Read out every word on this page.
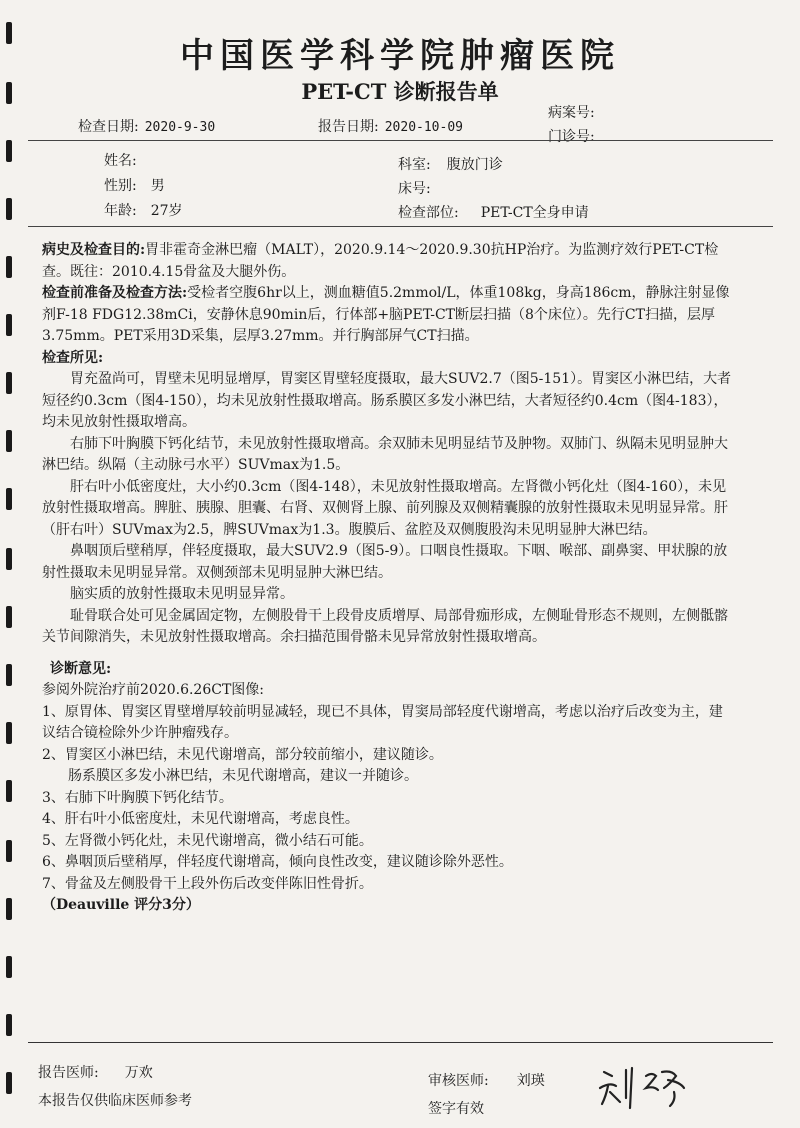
中国医学科学院肿瘤医院
PET-CT 诊断报告单
检查日期: 2020-9-30	报告日期: 2020-10-09
病案号:
门诊号:
姓名:
性别: 男
年龄: 27岁
科室: 腹放门诊
床号:
检查部位: PET-CT全身申请

病史及检查目的:胃非霍奇金淋巴瘤（MALT），2020.9.14～2020.9.30抗HP治疗。为监测疗效行PET-CT检查。既往：2010.4.15骨盆及大腿外伤。

检查前准备及检查方法:受检者空腹6hr以上，测血糖值5.2mmol/L，体重108kg，身高186cm，静脉注射显像剂F-18 FDG12.38mCi，安静休息90min后，行体部+脑PET-CT断层扫描（8个床位）。先行CT扫描，层厚3.75mm。PET采用3D采集，层厚3.27mm。并行胸部屏气CT扫描。

检查所见:

胃充盈尚可，胃壁未见明显增厚，胃窦区胃壁轻度摄取，最大SUV2.7（图5-151）。胃窦区小淋巴结，大者短径约0.3cm（图4-150），均未见放射性摄取增高。肠系膜区多发小淋巴结，大者短径约0.4cm（图4-183），均未见放射性摄取增高。

右肺下叶胸膜下钙化结节，未见放射性摄取增高。余双肺未见明显结节及肿物。双肺门、纵隔未见明显肿大淋巴结。纵隔（主动脉弓水平）SUVmax为1.5。

肝右叶小低密度灶，大小约0.3cm（图4-148），未见放射性摄取增高。左肾微小钙化灶（图4-160），未见放射性摄取增高。脾脏、胰腺、胆囊、右肾、双侧肾上腺、前列腺及双侧精囊腺的放射性摄取未见明显异常。肝（肝右叶）SUVmax为2.5，脾SUVmax为1.3。腹膜后、盆腔及双侧腹股沟未见明显肿大淋巴结。

鼻咽顶后壁稍厚，伴轻度摄取，最大SUV2.9（图5-9）。口咽良性摄取。下咽、喉部、副鼻窦、甲状腺的放射性摄取未见明显异常。双侧颈部未见明显肿大淋巴结。

脑实质的放射性摄取未见明显异常。

耻骨联合处可见金属固定物，左侧股骨干上段骨皮质增厚、局部骨痂形成，左侧耻骨形态不规则，左侧骶髂关节间隙消失，未见放射性摄取增高。余扫描范围骨骼未见异常放射性摄取增高。

诊断意见:

参阅外院治疗前2020.6.26CT图像:

1、原胃体、胃窦区胃壁增厚较前明显减轻，现已不具体，胃窦局部轻度代谢增高，考虑以治疗后改变为主，建议结合镜检除外少许肿瘤残存。

2、胃窦区小淋巴结，未见代谢增高，部分较前缩小，建议随诊。

肠系膜区多发小淋巴结，未见代谢增高，建议一并随诊。

3、右肺下叶胸膜下钙化结节。

4、肝右叶小低密度灶，未见代谢增高，考虑良性。

5、左肾微小钙化灶，未见代谢增高，微小结石可能。

6、鼻咽顶后壁稍厚，伴轻度代谢增高，倾向良性改变，建议随诊除外恶性。

7、骨盆及左侧股骨干上段外伤后改变伴陈旧性骨折。

（Deauville 评分3分）

报告医师: 万欢
本报告仅供临床医师参考
审核医师: 刘瑛
签字有效
